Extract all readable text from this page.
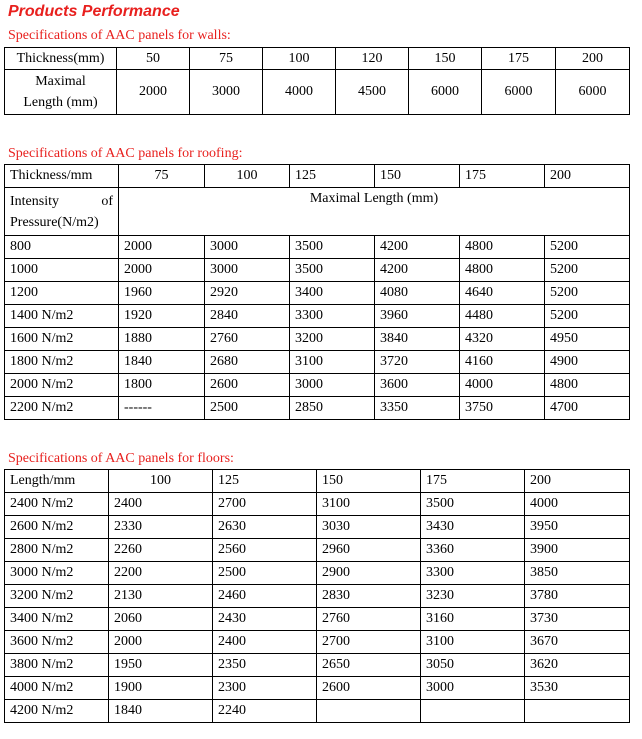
Products Performance
Specifications of AAC panels for walls:
Thickness(mm)	50	75	100	120	150	175	200

Maximal
Length (mm)	2000	3000	4000	4500	6000	6000	6000
Specifications of AAC panels for roofing:
Thickness/mm	75	100	125	150	175	200

Intensity of
Pressure(N/m2)	Maximal Length (mm)					
800	2000	3000	3500	4200	4800	5200
1000	2000	3000	3500	4200	4800	5200
1200	1960	2920	3400	4080	4640	5200
1400 N/m2	1920	2840	3300	3960	4480	5200
1600 N/m2	1880	2760	3200	3840	4320	4950
1800 N/m2	1840	2680	3100	3720	4160	4900
2000 N/m2	1800	2600	3000	3600	4000	4800
2200 N/m2	------	2500	2850	3350	3750	4700
Specifications of AAC panels for floors:
Length/mm	100	125	150	175	200
2400 N/m2	2400	2700	3100	3500	4000
2600 N/m2	2330	2630	3030	3430	3950
2800 N/m2	2260	2560	2960	3360	3900
3000 N/m2	2200	2500	2900	3300	3850
3200 N/m2	2130	2460	2830	3230	3780
3400 N/m2	2060	2430	2760	3160	3730
3600 N/m2	2000	2400	2700	3100	3670
3800 N/m2	1950	2350	2650	3050	3620
4000 N/m2	1900	2300	2600	3000	3530
4200 N/m2	1840	2240			
